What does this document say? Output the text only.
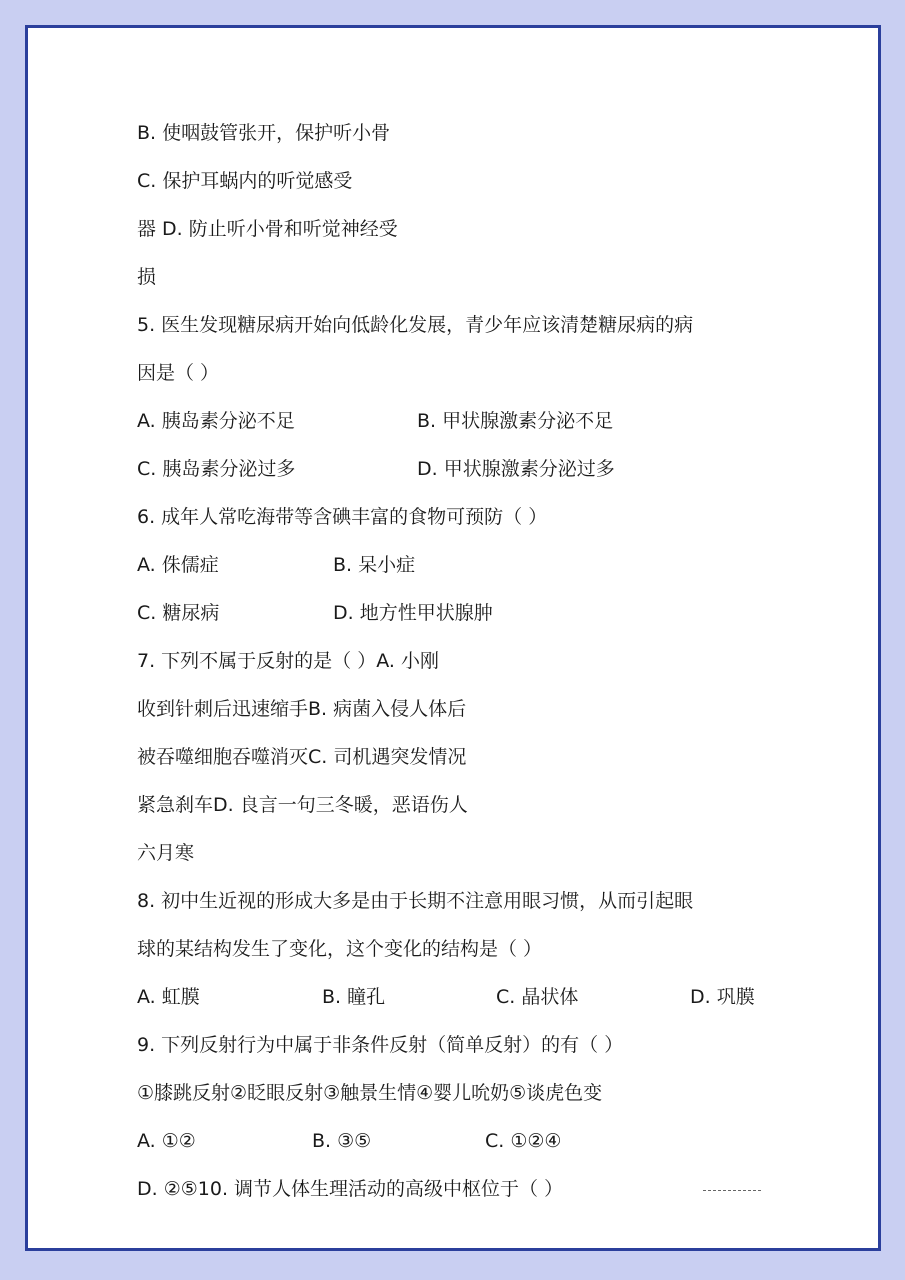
B. 使咽鼓管张开，保护听小骨
C. 保护耳蜗内的听觉感受
器 D. 防止听小骨和听觉神经受
损
5. 医生发现糖尿病开始向低龄化发展，青少年应该清楚糖尿病的病
因是（ ）
A. 胰岛素分泌不足	B. 甲状腺激素分泌不足
C. 胰岛素分泌过多	D. 甲状腺激素分泌过多
6. 成年人常吃海带等含碘丰富的食物可预防（ ）
A. 侏儒症	B. 呆小症
C. 糖尿病	D. 地方性甲状腺肿
7. 下列不属于反射的是（ ）A. 小刚
收到针刺后迅速缩手B. 病菌入侵人体后
被吞噬细胞吞噬消灭C. 司机遇突发情况
紧急刹车D. 良言一句三冬暖，恶语伤人
六月寒
8. 初中生近视的形成大多是由于长期不注意用眼习惯，从而引起眼
球的某结构发生了变化，这个变化的结构是（ ）
A. 虹膜	B. 瞳孔	C. 晶状体	D. 巩膜
9. 下列反射行为中属于非条件反射（简单反射）的有（ ）
①膝跳反射②眨眼反射③触景生情④婴儿吮奶⑤谈虎色变
A. ①②	B. ③⑤	C. ①②④
D. ②⑤10. 调节人体生理活动的高级中枢位于（ ）
